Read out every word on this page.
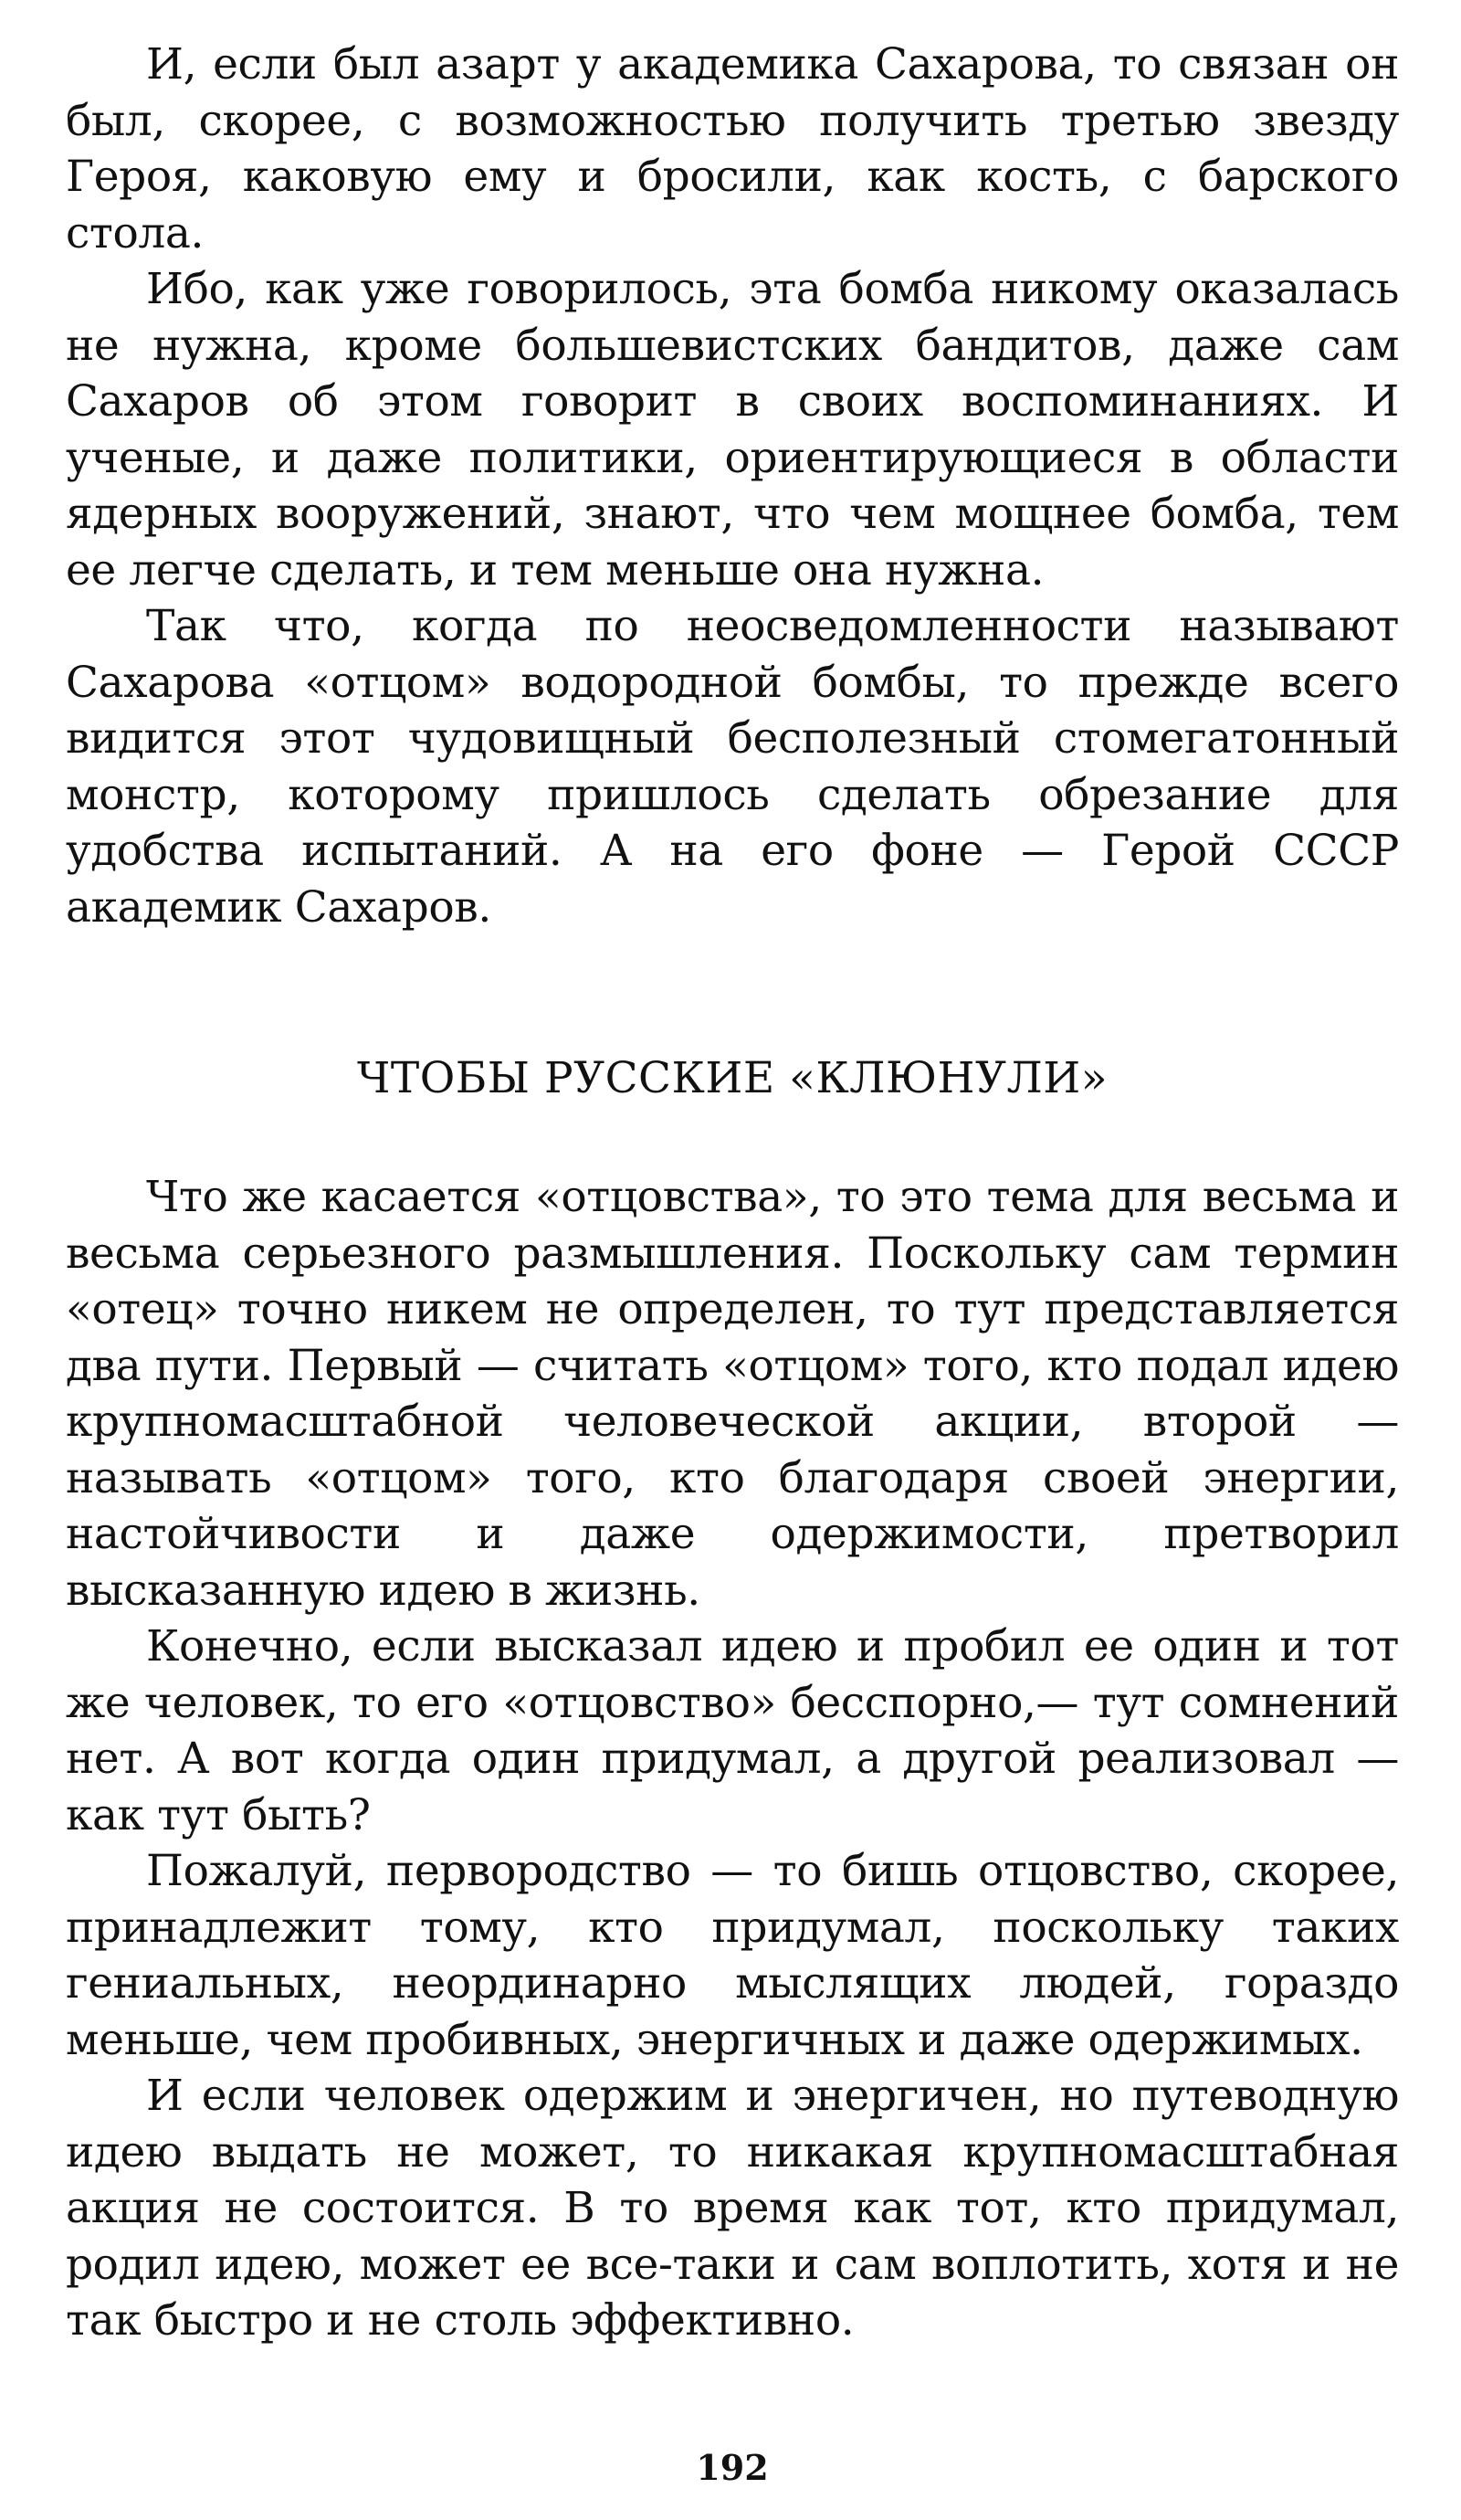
И, если был азарт у академика Сахарова, то связан он был, скорее, с возможностью получить третью звезду Героя, каковую ему и бросили, как кость, с барского стола.

Ибо, как уже говорилось, эта бомба никому оказалась не нужна, кроме большевистских бандитов, даже сам Сахаров об этом говорит в своих воспоминаниях. И ученые, и даже политики, ориентирующиеся в области ядерных вооружений, знают, что чем мощнее бомба, тем ее легче сделать, и тем меньше она нужна.

Так что, когда по неосведомленности называют Сахарова «отцом» водородной бомбы, то прежде всего видится этот чудовищный бесполезный стомегатонный монстр, которому пришлось сделать обрезание для удобства испытаний. А на его фоне — Герой СССР академик Сахаров.

ЧТОБЫ РУССКИЕ «КЛЮНУЛИ»

Что же касается «отцовства», то это тема для весьма и весьма серьезного размышления. Поскольку сам термин «отец» точно никем не определен, то тут представляется два пути. Первый — считать «отцом» того, кто подал идею крупномасштабной человеческой акции, второй — называть «отцом» того, кто благодаря своей энергии, настойчивости и даже одержимости, претворил высказанную идею в жизнь.

Конечно, если высказал идею и пробил ее один и тот же человек, то его «отцовство» бесспорно,— тут сомнений нет. А вот когда один придумал, а другой реализовал — как тут быть?

Пожалуй, первородство — то бишь отцовство, скорее, принадлежит тому, кто придумал, поскольку таких гениальных, неординарно мыслящих людей, гораздо меньше, чем пробивных, энергичных и даже одержимых.

И если человек одержим и энергичен, но путеводную идею выдать не может, то никакая крупномасштабная акция не состоится. В то время как тот, кто придумал, родил идею, может ее все-таки и сам воплотить, хотя и не так быстро и не столь эффективно.

192
